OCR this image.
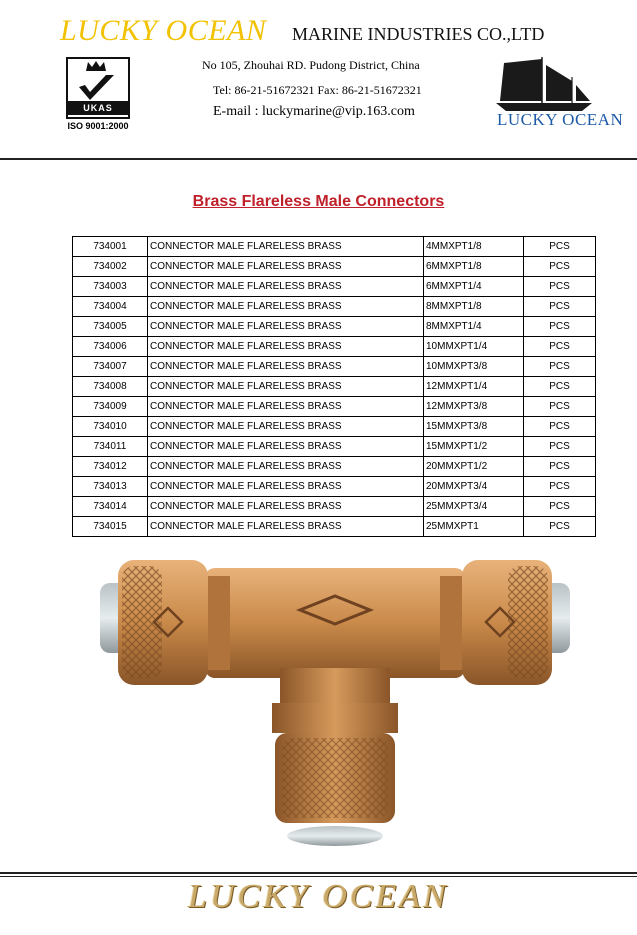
LUCKY OCEAN MARINE INDUSTRIES CO.,LTD
UKAS
ISO 9001:2000
No 105, Zhouhai RD. Pudong District, China
Tel: 86-21-51672321 Fax: 86-21-51672321
E-mail : luckymarine@vip.163.com	LUCKY OCEAN
Brass Flareless Male Connectors
734001	CONNECTOR MALE FLARELESS BRASS	4MMXPT1/8	PCS
734002	CONNECTOR MALE FLARELESS BRASS	6MMXPT1/8	PCS
734003	CONNECTOR MALE FLARELESS BRASS	6MMXPT1/4	PCS
734004	CONNECTOR MALE FLARELESS BRASS	8MMXPT1/8	PCS
734005	CONNECTOR MALE FLARELESS BRASS	8MMXPT1/4	PCS
734006	CONNECTOR MALE FLARELESS BRASS	10MMXPT1/4	PCS
734007	CONNECTOR MALE FLARELESS BRASS	10MMXPT3/8	PCS
734008	CONNECTOR MALE FLARELESS BRASS	12MMXPT1/4	PCS
734009	CONNECTOR MALE FLARELESS BRASS	12MMXPT3/8	PCS
734010	CONNECTOR MALE FLARELESS BRASS	15MMXPT3/8	PCS
734011	CONNECTOR MALE FLARELESS BRASS	15MMXPT1/2	PCS
734012	CONNECTOR MALE FLARELESS BRASS	20MMXPT1/2	PCS
734013	CONNECTOR MALE FLARELESS BRASS	20MMXPT3/4	PCS
734014	CONNECTOR MALE FLARELESS BRASS	25MMXPT3/4	PCS
734015	CONNECTOR MALE FLARELESS BRASS	25MMXPT1	PCS
LUCKY OCEAN
